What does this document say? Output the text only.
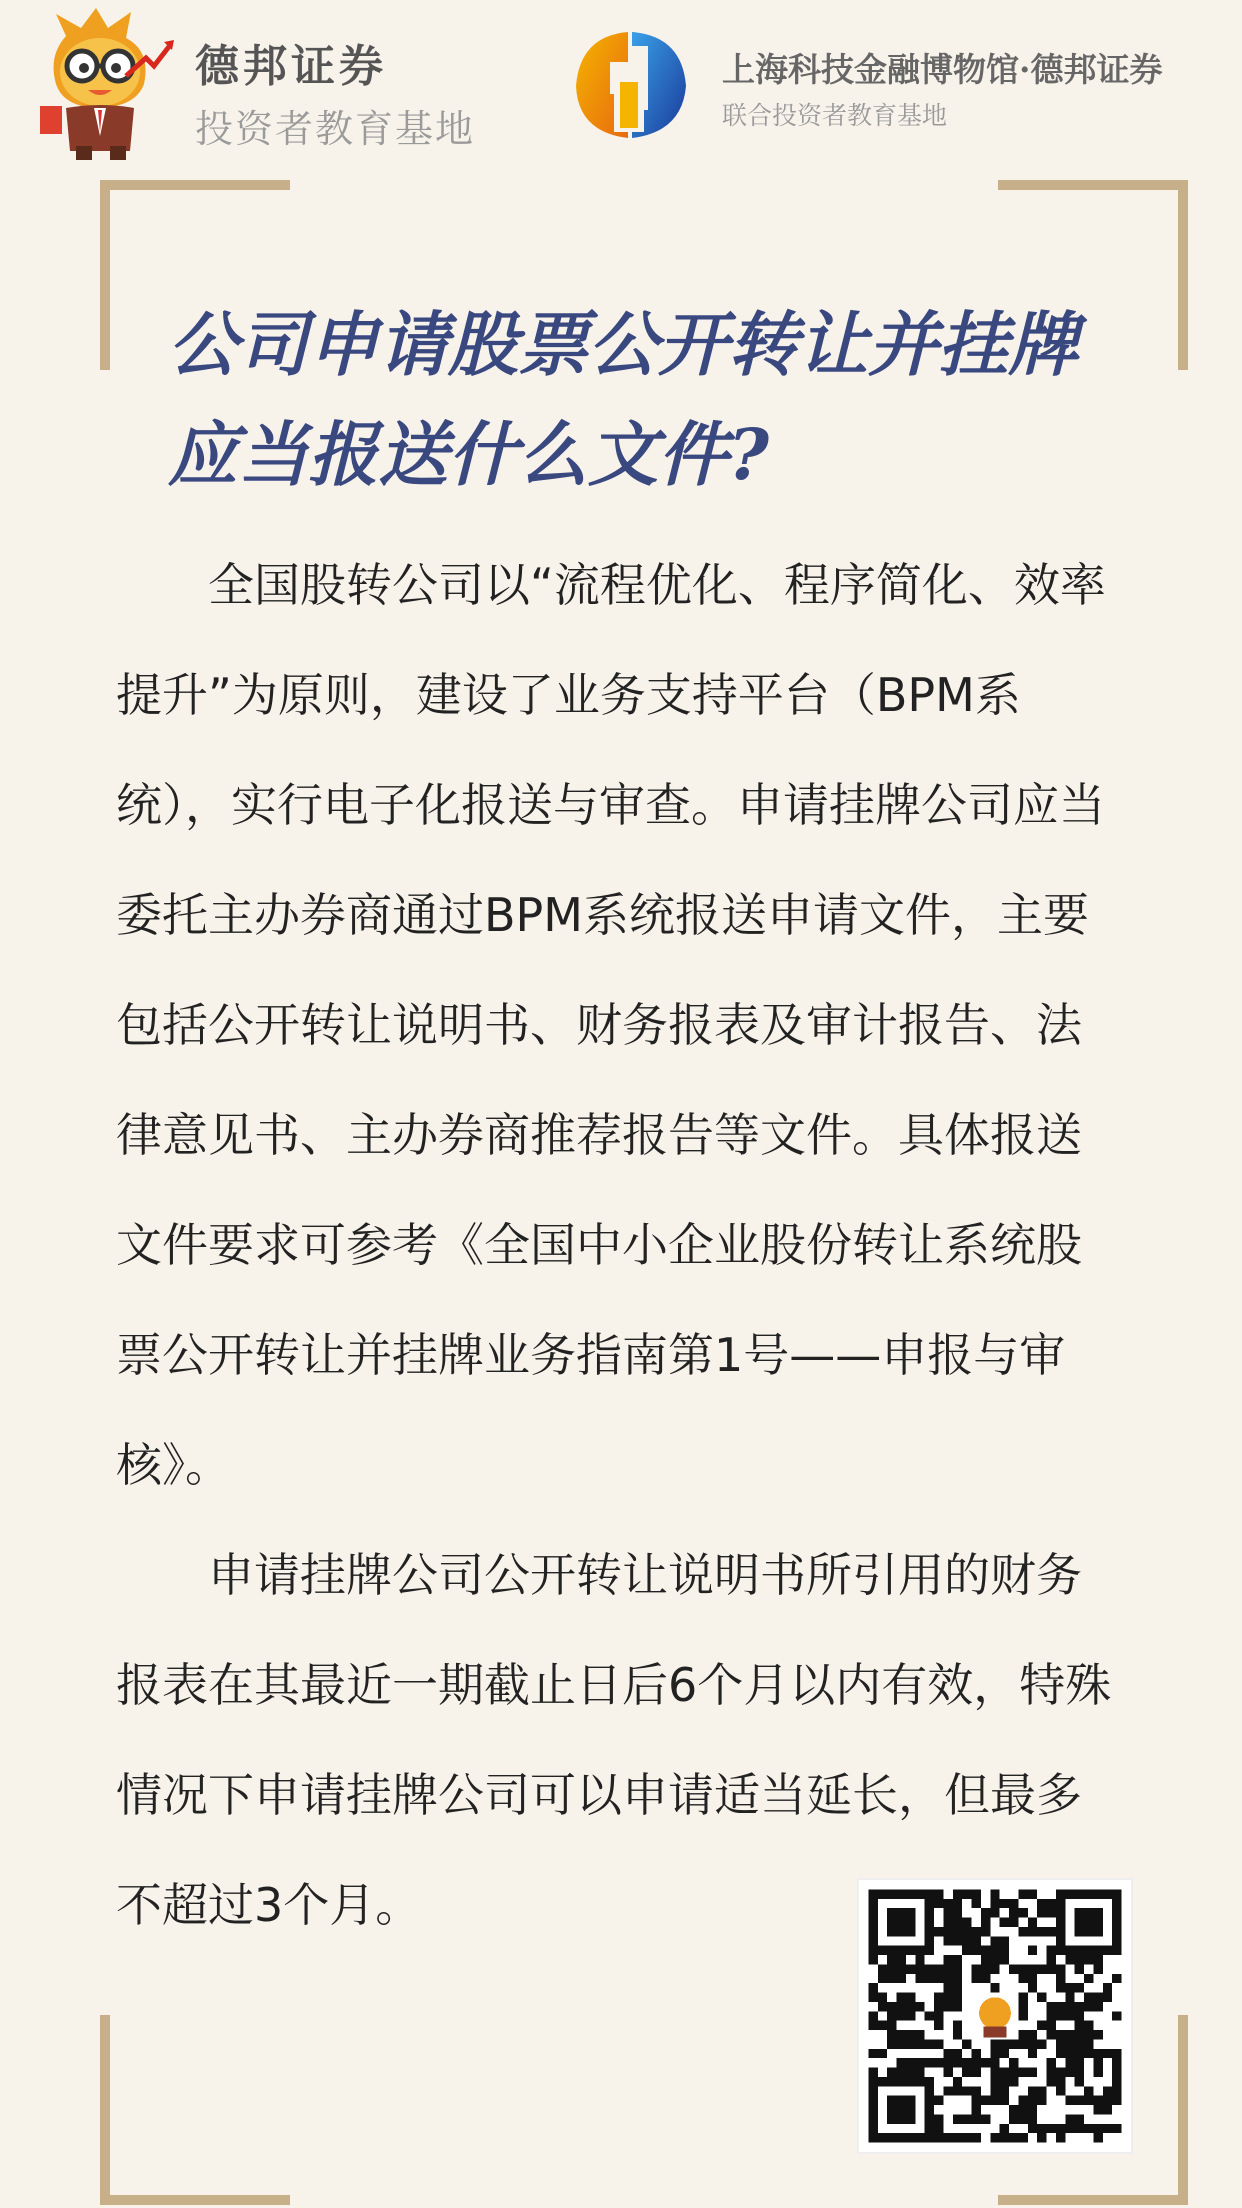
德邦证券
投资者教育基地
上海科技金融博物馆·德邦证券
联合投资者教育基地
公司申请股票公开转让并挂牌应当报送什么文件?

全国股转公司以“流程优化、程序简化、效率提升”为原则，建设了业务支持平台（BPM系统），实行电子化报送与审查。申请挂牌公司应当委托主办券商通过BPM系统报送申请文件，主要包括公开转让说明书、财务报表及审计报告、法律意见书、主办券商推荐报告等文件。具体报送文件要求可参考《全国中小企业股份转让系统股票公开转让并挂牌业务指南第1号——申报与审核》。

申请挂牌公司公开转让说明书所引用的财务报表在其最近一期截止日后6个月以内有效，特殊情况下申请挂牌公司可以申请适当延长，但最多不超过3个月。
